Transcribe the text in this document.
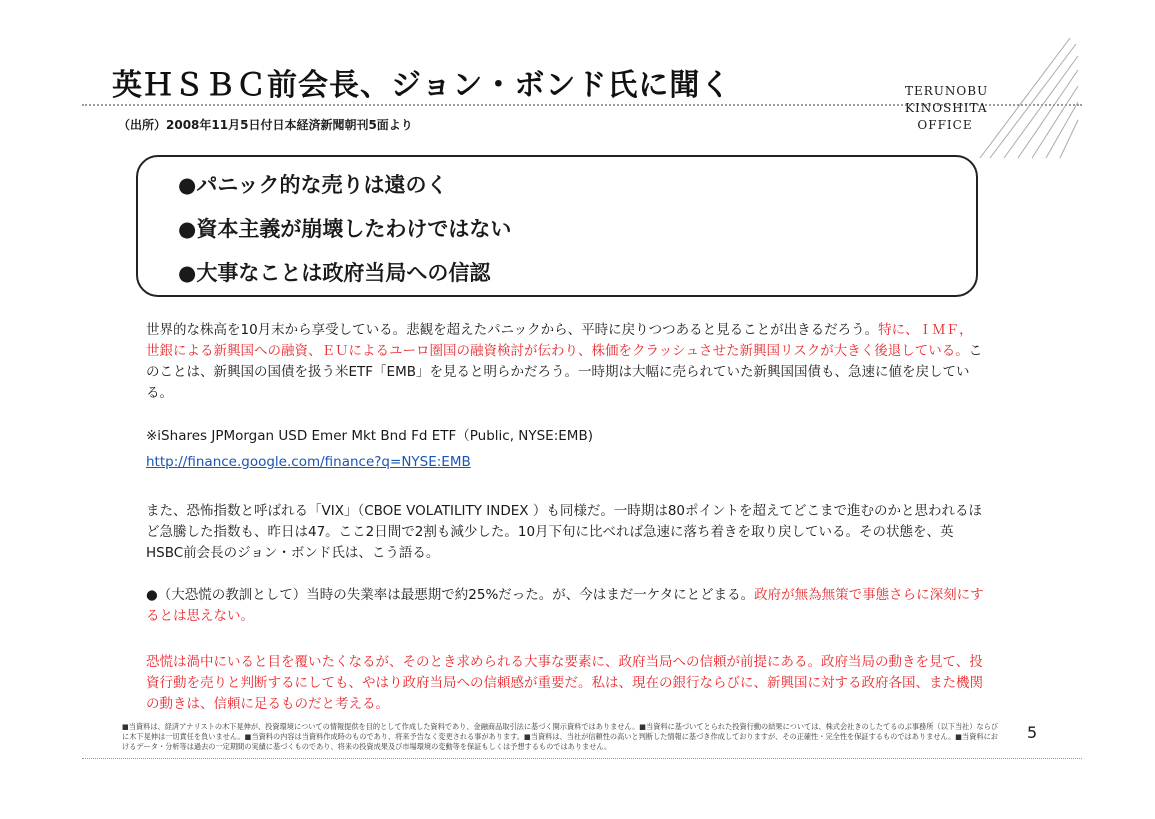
英ＨＳＢＣ前会長、ジョン・ボンド氏に聞く
（出所）2008年11月5日付日本経済新聞朝刊5面より
TERUNOBU
KINOSHITA
OFFICE
●パニック的な売りは遠のく
●資本主義が崩壊したわけではない
●大事なことは政府当局への信認
世界的な株高を10月末から享受している。悲観を超えたパニックから、平時に戻りつつあると見ることが出きるだろう。特に、ＩＭＦ，世銀による新興国への融資、ＥＵによるユーロ圏国の融資検討が伝わり、株価をクラッシュさせた新興国リスクが大きく後退している。このことは、新興国の国債を扱う米ETF「EMB」を見ると明らかだろう。一時期は大幅に売られていた新興国国債も、急速に値を戻している。
※iShares JPMorgan USD Emer Mkt Bnd Fd ETF（Public, NYSE:EMB)
http://finance.google.com/finance?q=NYSE:EMB
また、恐怖指数と呼ばれる「VIX」（CBOE VOLATILITY INDEX ）も同様だ。一時期は80ポイントを超えてどこまで進むのかと思われるほど急騰した指数も、昨日は47。ここ2日間で2割も減少した。10月下旬に比べれば急速に落ち着きを取り戻している。その状態を、英HSBC前会長のジョン・ボンド氏は、こう語る。
●（大恐慌の教訓として）当時の失業率は最悪期で約25%だった。が、今はまだ一ケタにとどまる。政府が無為無策で事態さらに深刻にするとは思えない。
恐慌は渦中にいると目を覆いたくなるが、そのとき求められる大事な要素に、政府当局への信頼が前提にある。政府当局の動きを見て、投資行動を売りと判断するにしても、やはり政府当局への信頼感が重要だ。私は、現在の銀行ならびに、新興国に対する政府各国、また機関の動きは、信頼に足るものだと考える。
■当資料は、経済アナリストの木下晃伸が、投資環境についての情報提供を目的として作成した資料であり、金融商品取引法に基づく開示資料ではありません。■当資料に基づいてとられた投資行動の結果については、株式会社きのしたてるのぶ事務所（以下当社）ならびに木下晃伸は一切責任を負いません。■当資料の内容は当資料作成時のものであり、将来予告なく変更される事があります。■当資料は、当社が信頼性の高いと判断した情報に基づき作成しておりますが、その正確性・完全性を保証するものではありません。■当資料におけるデータ・分析等は過去の一定期間の実績に基づくものであり、将来の投資成果及び市場環境の変動等を保証もしくは予想するものではありません。
5
